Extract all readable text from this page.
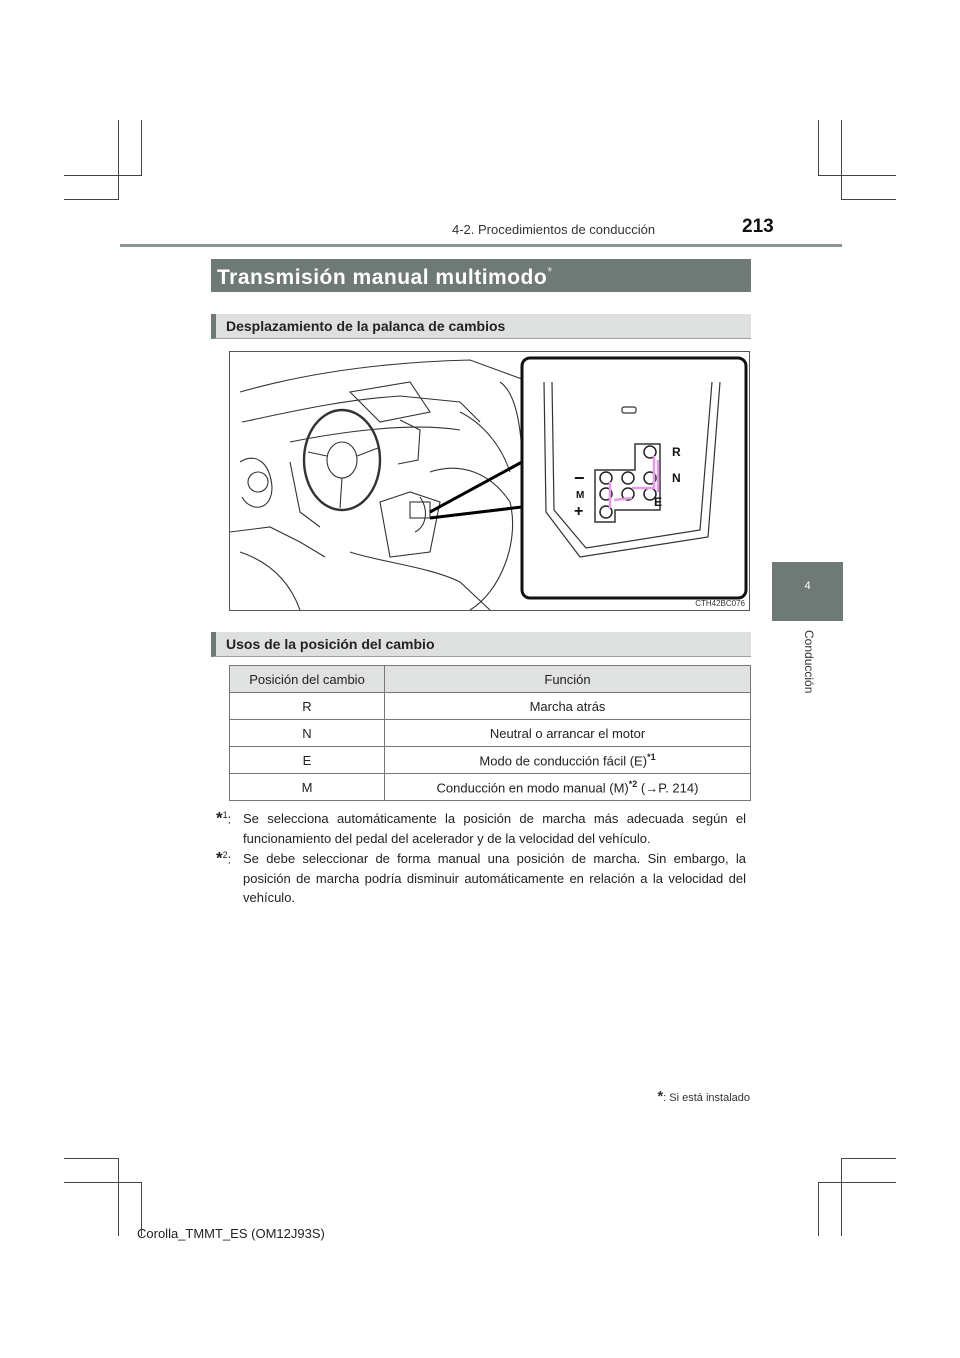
4-2. Procedimientos de conducción	213
4
Conducción
Transmisión manual multimodo*
Desplazamiento de la palanca de cambios
R
N
E
M
−
+
CTH42BC076
Usos de la posición del cambio
Posición del cambio	Función
R	Marcha atrás
N	Neutral o arrancar el motor
E	Modo de conducción fácil $(E)^{*1}$
M	Conducción en modo manual $(M)^{*2}$ (→P. 214)
*$^1$: Se selecciona automáticamente la posición de marcha más adecuada según el funcionamiento del pedal del acelerador y de la velocidad del vehículo.
*$^2$: Se debe seleccionar de forma manual una posición de marcha. Sin embargo, la posición de marcha podría disminuir automáticamente en relación a la velocidad del vehículo.
*: Si está instalado
Corolla_TMMT_ES (OM12J93S)
